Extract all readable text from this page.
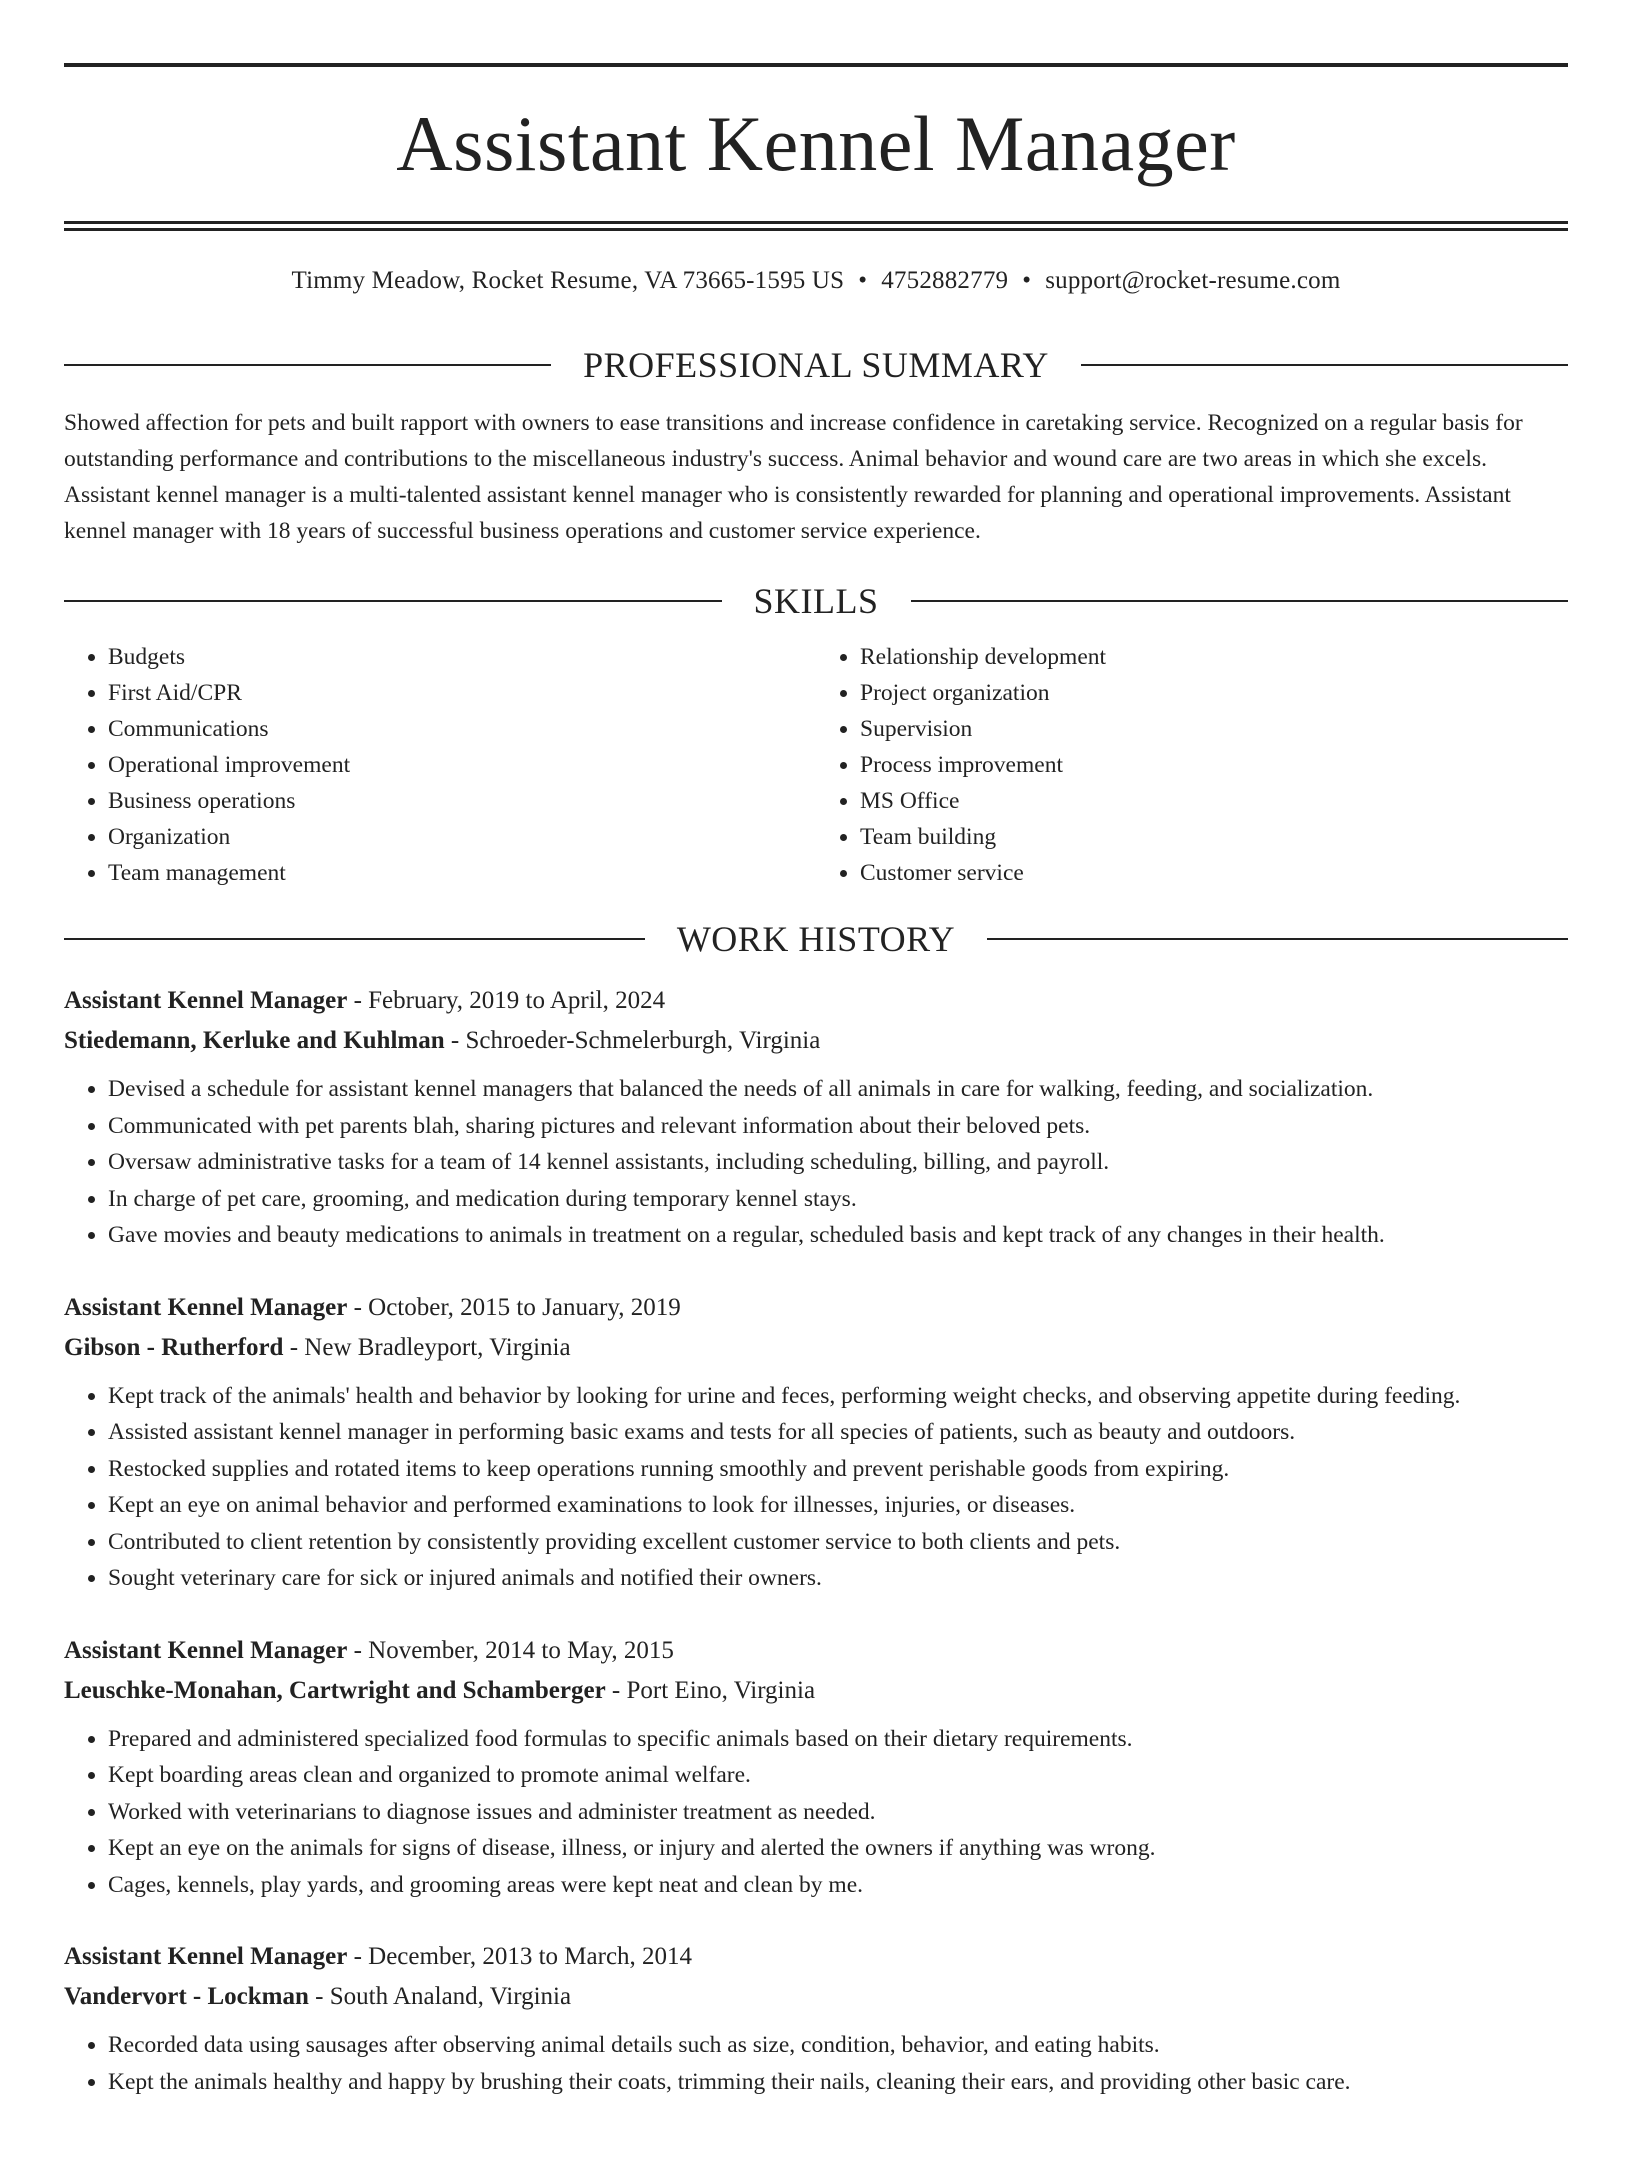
Assistant Kennel Manager
Timmy Meadow, Rocket Resume, VA 73665-1595 US • 4752882779 • support@rocket-resume.com
PROFESSIONAL SUMMARY

Showed affection for pets and built rapport with owners to ease transitions and increase confidence in caretaking service. Recognized on a regular basis for outstanding performance and contributions to the miscellaneous industry's success. Animal behavior and wound care are two areas in which she excels. Assistant kennel manager is a multi-talented assistant kennel manager who is consistently rewarded for planning and operational improvements. Assistant kennel manager with 18 years of successful business operations and customer service experience.

SKILLS
• Budgets
• First Aid/CPR
• Communications
• Operational improvement
• Business operations
• Organization
• Team management
• Relationship development
• Project organization
• Supervision
• Process improvement
• MS Office
• Team building
• Customer service
WORK HISTORY
Assistant Kennel Manager - February, 2019 to April, 2024
Stiedemann, Kerluke and Kuhlman - Schroeder-Schmelerburgh, Virginia
• Devised a schedule for assistant kennel managers that balanced the needs of all animals in care for walking, feeding, and socialization.
• Communicated with pet parents blah, sharing pictures and relevant information about their beloved pets.
• Oversaw administrative tasks for a team of 14 kennel assistants, including scheduling, billing, and payroll.
• In charge of pet care, grooming, and medication during temporary kennel stays.
• Gave movies and beauty medications to animals in treatment on a regular, scheduled basis and kept track of any changes in their health.
Assistant Kennel Manager - October, 2015 to January, 2019
Gibson - Rutherford - New Bradleyport, Virginia
• Kept track of the animals' health and behavior by looking for urine and feces, performing weight checks, and observing appetite during feeding.
• Assisted assistant kennel manager in performing basic exams and tests for all species of patients, such as beauty and outdoors.
• Restocked supplies and rotated items to keep operations running smoothly and prevent perishable goods from expiring.
• Kept an eye on animal behavior and performed examinations to look for illnesses, injuries, or diseases.
• Contributed to client retention by consistently providing excellent customer service to both clients and pets.
• Sought veterinary care for sick or injured animals and notified their owners.
Assistant Kennel Manager - November, 2014 to May, 2015
Leuschke-Monahan, Cartwright and Schamberger - Port Eino, Virginia
• Prepared and administered specialized food formulas to specific animals based on their dietary requirements.
• Kept boarding areas clean and organized to promote animal welfare.
• Worked with veterinarians to diagnose issues and administer treatment as needed.
• Kept an eye on the animals for signs of disease, illness, or injury and alerted the owners if anything was wrong.
• Cages, kennels, play yards, and grooming areas were kept neat and clean by me.
Assistant Kennel Manager - December, 2013 to March, 2014
Vandervort - Lockman - South Analand, Virginia
• Recorded data using sausages after observing animal details such as size, condition, behavior, and eating habits.
• Kept the animals healthy and happy by brushing their coats, trimming their nails, cleaning their ears, and providing other basic care.
